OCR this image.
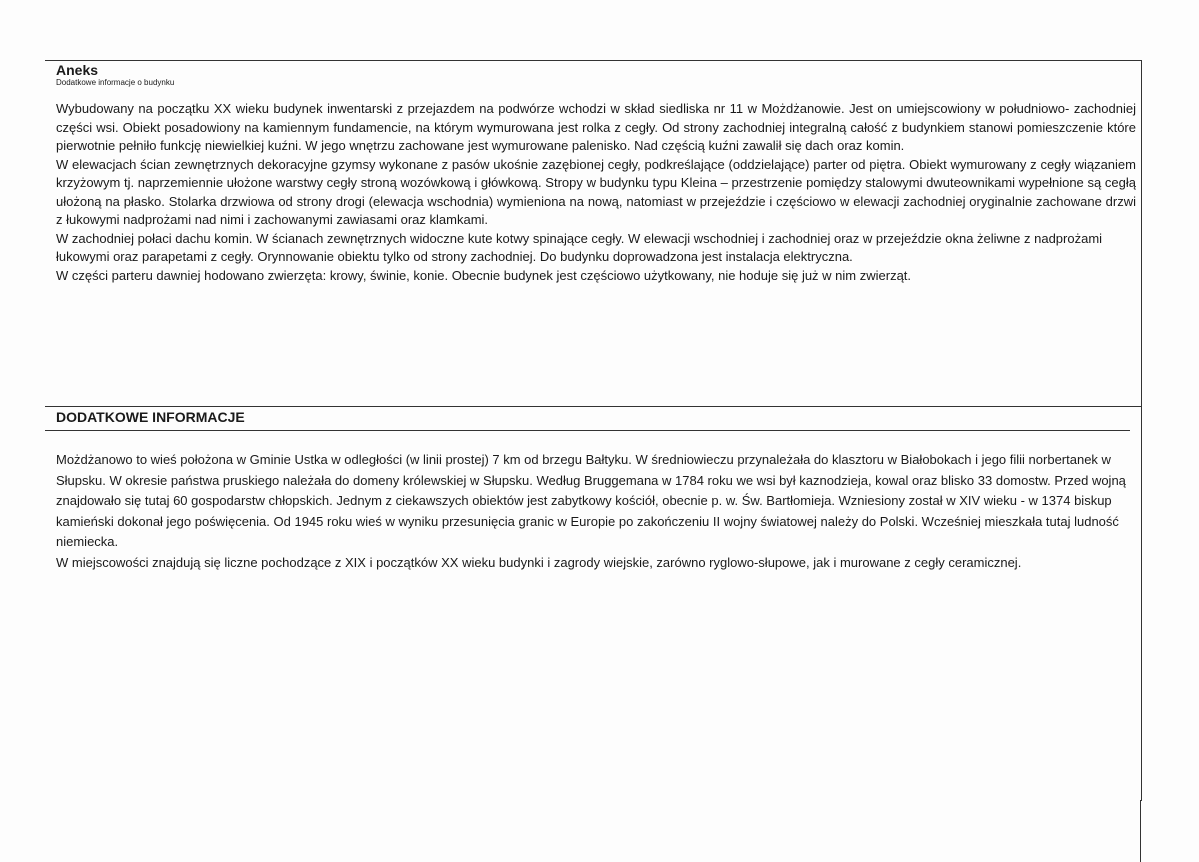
Aneks

Dodatkowe informacje o budynku

Wybudowany na początku XX wieku budynek inwentarski z przejazdem na podwórze wchodzi w skład siedliska nr 11 w Możdżanowie. Jest on umiejscowiony w południowo- zachodniej części wsi. Obiekt posadowiony na kamiennym fundamencie, na którym wymurowana jest rolka z cegły. Od strony zachodniej integralną całość z budynkiem stanowi pomieszczenie które pierwotnie pełniło funkcję niewielkiej kuźni. W jego wnętrzu zachowane jest wymurowane palenisko. Nad częścią kuźni zawalił się dach oraz komin.

W elewacjach ścian zewnętrznych dekoracyjne gzymsy wykonane z pasów ukośnie zazębionej cegły, podkreślające (oddzielające) parter od piętra. Obiekt wymurowany z cegły wiązaniem krzyżowym tj. naprzemiennie ułożone warstwy cegły stroną wozówkową i główkową. Stropy w budynku typu Kleina – przestrzenie pomiędzy stalowymi dwuteownikami wypełnione są cegłą ułożoną na płasko. Stolarka drzwiowa od strony drogi (elewacja wschodnia) wymieniona na nową, natomiast w przejeździe i częściowo w elewacji zachodniej oryginalnie zachowane drzwi z łukowymi nadprożami nad nimi i zachowanymi zawiasami oraz klamkami.

W zachodniej połaci dachu komin. W ścianach zewnętrznych widoczne kute kotwy spinające cegły. W elewacji wschodniej i zachodniej oraz w przejeździe okna żeliwne z nadprożami łukowymi oraz parapetami z cegły. Orynnowanie obiektu tylko od strony zachodniej. Do budynku doprowadzona jest instalacja elektryczna.

W części parteru dawniej hodowano zwierzęta: krowy, świnie, konie. Obecnie budynek jest częściowo użytkowany, nie hoduje się już w nim zwierząt.

DODATKOWE INFORMACJE

Możdżanowo to wieś położona w Gminie Ustka w odległości (w linii prostej) 7 km od brzegu Bałtyku. W średniowieczu przynależała do klasztoru w Białobokach i jego filii norbertanek w Słupsku. W okresie państwa pruskiego należała do domeny królewskiej w Słupsku. Według Bruggemana w 1784 roku we wsi był kaznodzieja, kowal oraz blisko 33 domostw. Przed wojną znajdowało się tutaj 60 gospodarstw chłopskich. Jednym z ciekawszych obiektów jest zabytkowy kościół, obecnie p. w. Św. Bartłomieja. Wzniesiony został w XIV wieku - w 1374 biskup kamieński dokonał jego poświęcenia. Od 1945 roku wieś w wyniku przesunięcia granic w Europie po zakończeniu II wojny światowej należy do Polski. Wcześniej mieszkała tutaj ludność niemiecka.

W miejscowości znajdują się liczne pochodzące z XIX i początków XX wieku budynki i zagrody wiejskie, zarówno ryglowo-słupowe, jak i murowane z cegły ceramicznej.
